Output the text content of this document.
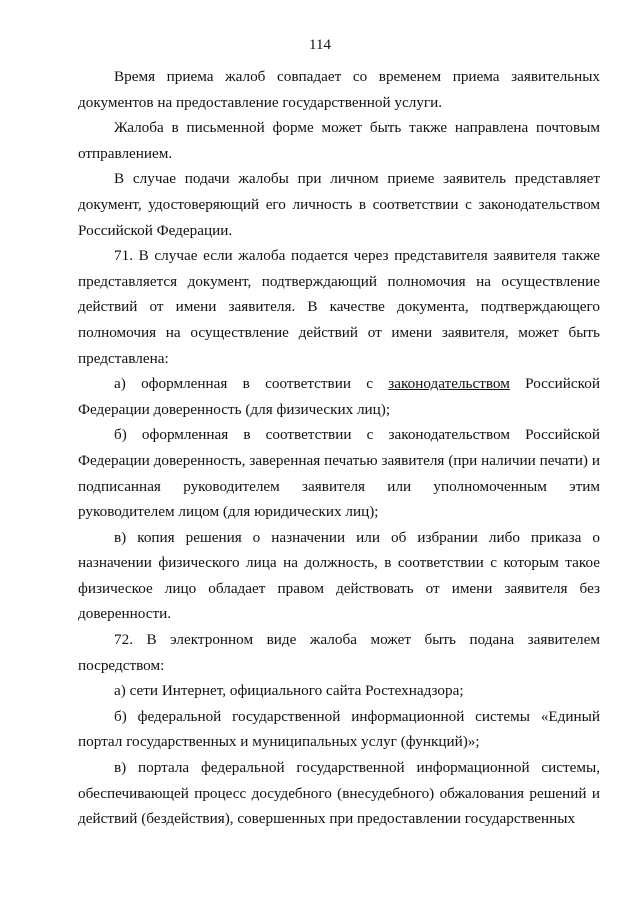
114

Время приема жалоб совпадает со временем приема заявительных документов на предоставление государственной услуги.

Жалоба в письменной форме может быть также направлена почтовым отправлением.

В случае подачи жалобы при личном приеме заявитель представляет документ, удостоверяющий его личность в соответствии с законодательством Российской Федерации.

71. В случае если жалоба подается через представителя заявителя также представляется документ, подтверждающий полномочия на осуществление действий от имени заявителя. В качестве документа, подтверждающего полномочия на осуществление действий от имени заявителя, может быть представлена:

а) оформленная в соответствии с законодательством Российской Федерации доверенность (для физических лиц);

б) оформленная в соответствии с законодательством Российской Федерации доверенность, заверенная печатью заявителя (при наличии печати) и подписанная руководителем заявителя или уполномоченным этим руководителем лицом (для юридических лиц);

в) копия решения о назначении или об избрании либо приказа о назначении физического лица на должность, в соответствии с которым такое физическое лицо обладает правом действовать от имени заявителя без доверенности.

72. В электронном виде жалоба может быть подана заявителем посредством:

а) сети Интернет, официального сайта Ростехнадзора;

б) федеральной государственной информационной системы «Единый портал государственных и муниципальных услуг (функций)»;

в) портала федеральной государственной информационной системы, обеспечивающей процесс досудебного (внесудебного) обжалования решений и действий (бездействия), совершенных при предоставлении государственных
